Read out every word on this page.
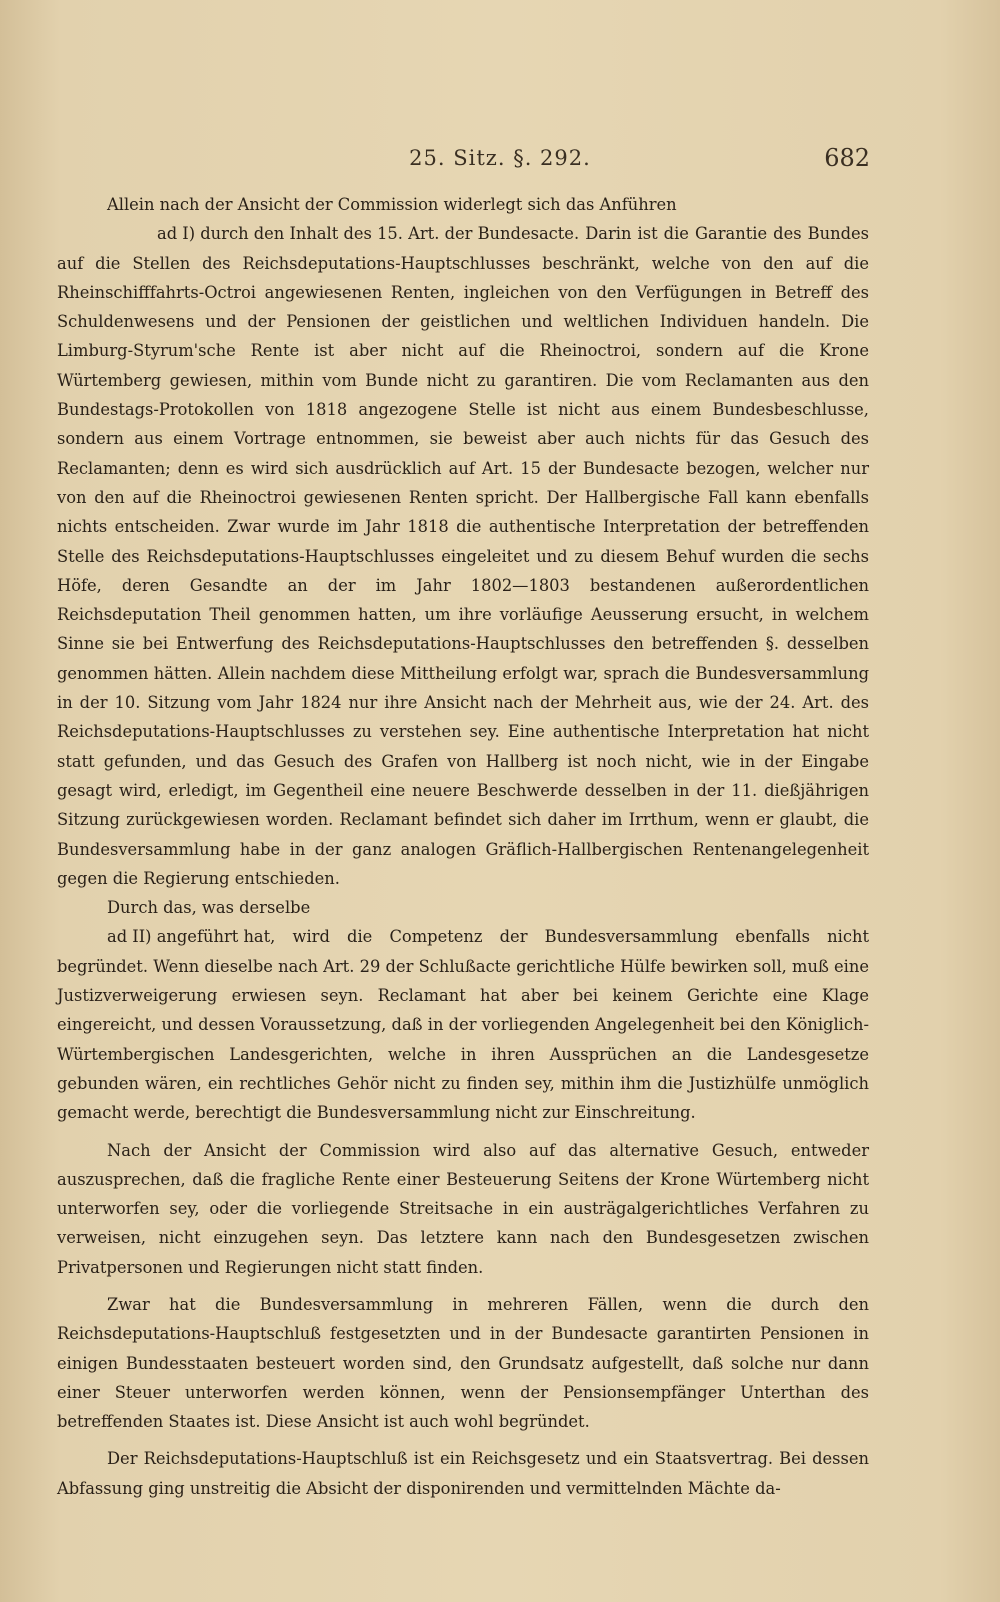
25. Sitz. §. 292.	682

Allein nach der Ansicht der Commission widerlegt sich das Anführen

ad I) durch den Inhalt des 15. Art. der Bundesacte. Darin ist die Garantie des Bundes auf die Stellen des Reichsdeputations-Hauptschlusses beschränkt, welche von den auf die Rheinschifffahrts-Octroi angewiesenen Renten, ingleichen von den Verfügungen in Betreff des Schuldenwesens und der Pensionen der geistlichen und weltlichen Individuen handeln. Die Limburg-Styrum'sche Rente ist aber nicht auf die Rheinoctroi, sondern auf die Krone Würtemberg gewiesen, mithin vom Bunde nicht zu garantiren. Die vom Reclamanten aus den Bundestags-Protokollen von 1818 angezogene Stelle ist nicht aus einem Bundesbeschlusse, sondern aus einem Vortrage entnommen, sie beweist aber auch nichts für das Gesuch des Reclamanten; denn es wird sich ausdrücklich auf Art. 15 der Bundesacte bezogen, welcher nur von den auf die Rheinoctroi gewiesenen Renten spricht. Der Hallbergische Fall kann ebenfalls nichts entscheiden. Zwar wurde im Jahr 1818 die authentische Interpretation der betreffenden Stelle des Reichsdeputations-Hauptschlusses eingeleitet und zu diesem Behuf wurden die sechs Höfe, deren Gesandte an der im Jahr 1802—1803 bestandenen außerordentlichen Reichsdeputation Theil genommen hatten, um ihre vorläufige Aeusserung ersucht, in welchem Sinne sie bei Entwerfung des Reichsdeputations-Hauptschlusses den betreffenden §. desselben genommen hätten. Allein nachdem diese Mittheilung erfolgt war, sprach die Bundesversammlung in der 10. Sitzung vom Jahr 1824 nur ihre Ansicht nach der Mehrheit aus, wie der 24. Art. des Reichsdeputations-Hauptschlusses zu verstehen sey. Eine authentische Interpretation hat nicht statt gefunden, und das Gesuch des Grafen von Hallberg ist noch nicht, wie in der Eingabe gesagt wird, erledigt, im Gegentheil eine neuere Beschwerde desselben in der 11. dießjährigen Sitzung zurückgewiesen worden. Reclamant befindet sich daher im Irrthum, wenn er glaubt, die Bundesversammlung habe in der ganz analogen Gräflich-Hallbergischen Rentenangelegenheit gegen die Regierung entschieden.

Durch das, was derselbe

ad II) angeführt hat, wird die Competenz der Bundesversammlung ebenfalls nicht begründet. Wenn dieselbe nach Art. 29 der Schlußacte gerichtliche Hülfe bewirken soll, muß eine Justizverweigerung erwiesen seyn. Reclamant hat aber bei keinem Gerichte eine Klage eingereicht, und dessen Voraussetzung, daß in der vorliegenden Angelegenheit bei den Königlich-Würtembergischen Landesgerichten, welche in ihren Aussprüchen an die Landesgesetze gebunden wären, ein rechtliches Gehör nicht zu finden sey, mithin ihm die Justizhülfe unmöglich gemacht werde, berechtigt die Bundesversammlung nicht zur Einschreitung.

Nach der Ansicht der Commission wird also auf das alternative Gesuch, entweder auszusprechen, daß die fragliche Rente einer Besteuerung Seitens der Krone Würtemberg nicht unterworfen sey, oder die vorliegende Streitsache in ein austrägalgerichtliches Verfahren zu verweisen, nicht einzugehen seyn. Das letztere kann nach den Bundesgesetzen zwischen Privatpersonen und Regierungen nicht statt finden.

Zwar hat die Bundesversammlung in mehreren Fällen, wenn die durch den Reichsdeputations-Hauptschluß festgesetzten und in der Bundesacte garantirten Pensionen in einigen Bundesstaaten besteuert worden sind, den Grundsatz aufgestellt, daß solche nur dann einer Steuer unterworfen werden können, wenn der Pensionsempfänger Unterthan des betreffenden Staates ist. Diese Ansicht ist auch wohl begründet.

Der Reichsdeputations-Hauptschluß ist ein Reichsgesetz und ein Staatsvertrag. Bei dessen Abfassung ging unstreitig die Absicht der disponirenden und vermittelnden Mächte da-
